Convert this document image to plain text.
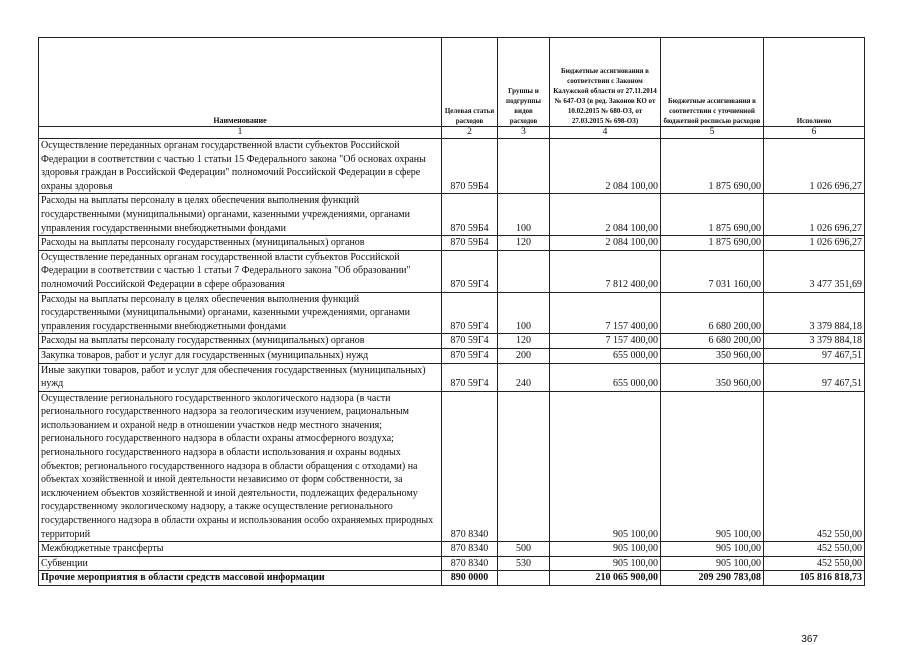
Наименование	Целевая статья расходов	Группы и подгруппы видов расходов	Бюджетные ассигнования в соответствии с Законом Калужской области от 27.11.2014 № 647-ОЗ (в ред. Законов КО от 10.02.2015 № 680-ОЗ, от 27.03.2015 № 698-ОЗ)	Бюджетные ассигнования в соответствии с уточненной бюджетной росписью расходов	Исполнено
1	2	3	4	5	6
Осуществление переданных органам государственной власти субъектов Российской Федерации в соответствии с частью 1 статьи 15 Федерального закона "Об основах охраны здоровья граждан в Российской Федерации" полномочий Российской Федерации в сфере охраны здоровья	870 59Б4		2 084 100,00	1 875 690,00	1 026 696,27
Расходы на выплаты персоналу в целях обеспечения выполнения функций государственными (муниципальными) органами, казенными учреждениями, органами управления государственными внебюджетными фондами	870 59Б4	100	2 084 100,00	1 875 690,00	1 026 696,27
Расходы на выплаты персоналу государственных (муниципальных) органов	870 59Б4	120	2 084 100,00	1 875 690,00	1 026 696,27
Осуществление переданных органам государственной власти субъектов Российской Федерации в соответствии с частью 1 статьи 7 Федерального закона "Об образовании" полномочий Российской Федерации в сфере образования	870 59Г4		7 812 400,00	7 031 160,00	3 477 351,69
Расходы на выплаты персоналу в целях обеспечения выполнения функций государственными (муниципальными) органами, казенными учреждениями, органами управления государственными внебюджетными фондами	870 59Г4	100	7 157 400,00	6 680 200,00	3 379 884,18
Расходы на выплаты персоналу государственных (муниципальных) органов	870 59Г4	120	7 157 400,00	6 680 200,00	3 379 884,18
Закупка товаров, работ и услуг для государственных (муниципальных) нужд	870 59Г4	200	655 000,00	350 960,00	97 467,51
Иные закупки товаров, работ и услуг для обеспечения государственных (муниципальных) нужд	870 59Г4	240	655 000,00	350 960,00	97 467,51
Осуществление регионального государственного экологического надзора (в части регионального государственного надзора за геологическим изучением, рациональным использованием и охраной недр в отношении участков недр местного значения; регионального государственного надзора в области охраны атмосферного воздуха; регионального государственного надзора в области использования и охраны водных объектов; регионального государственного надзора в области обращения с отходами) на объектах хозяйственной и иной деятельности независимо от форм собственности, за исключением объектов хозяйственной и иной деятельности, подлежащих федеральному государственному экологическому надзору, а также осуществление регионального государственного надзора в области охраны и использования особо охраняемых природных территорий	870 8340		905 100,00	905 100,00	452 550,00
Межбюджетные трансферты	870 8340	500	905 100,00	905 100,00	452 550,00
Субвенции	870 8340	530	905 100,00	905 100,00	452 550,00
Прочие мероприятия в области средств массовой информации	890 0000		210 065 900,00	209 290 783,08	105 816 818,73
367
